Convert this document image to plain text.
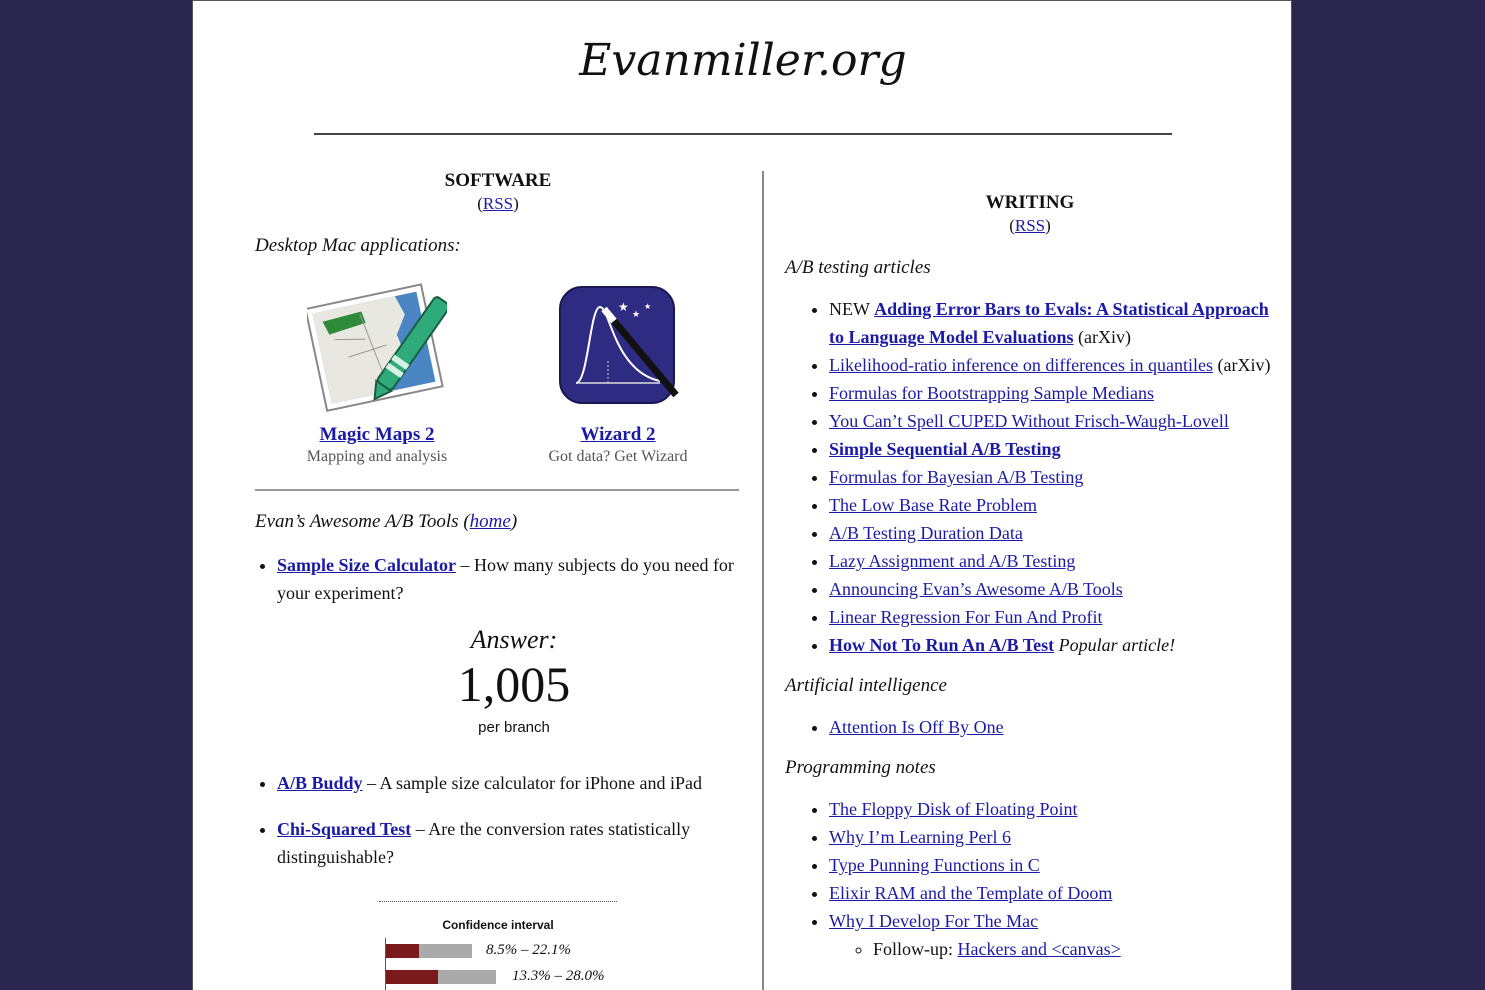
Evanmiller.org
SOFTWARE
(RSS)

Desktop Mac applications:

Magic Maps 2
Mapping and analysis
★
★
★
Wizard 2
Got data? Get Wizard

Evan’s Awesome A/B Tools (home)

• Sample Size Calculator – How many subjects do you need for your experiment?
Answer:
1,005
per branch
• A/B Buddy – A sample size calculator for iPhone and iPad
• Chi-Squared Test – Are the conversion rates statistically distinguishable?
Confidence interval
8.5% – 22.1%
13.3% – 28.0%
WRITING
(RSS)

A/B testing articles

• NEW Adding Error Bars to Evals: A Statistical Approach to Language Model Evaluations (arXiv)
• Likelihood-ratio inference on differences in quantiles (arXiv)
• Formulas for Bootstrapping Sample Medians
• You Can’t Spell CUPED Without Frisch-Waugh-Lovell
• Simple Sequential A/B Testing
• Formulas for Bayesian A/B Testing
• The Low Base Rate Problem
• A/B Testing Duration Data
• Lazy Assignment and A/B Testing
• Announcing Evan’s Awesome A/B Tools
• Linear Regression For Fun And Profit
• How Not To Run An A/B Test Popular article!

Artificial intelligence

• Attention Is Off By One

Programming notes

• The Floppy Disk of Floating Point
• Why I’m Learning Perl 6
• Type Punning Functions in C
• Elixir RAM and the Template of Doom
• Why I Develop For The Mac
◦ Follow-up: Hackers and <canvas>
